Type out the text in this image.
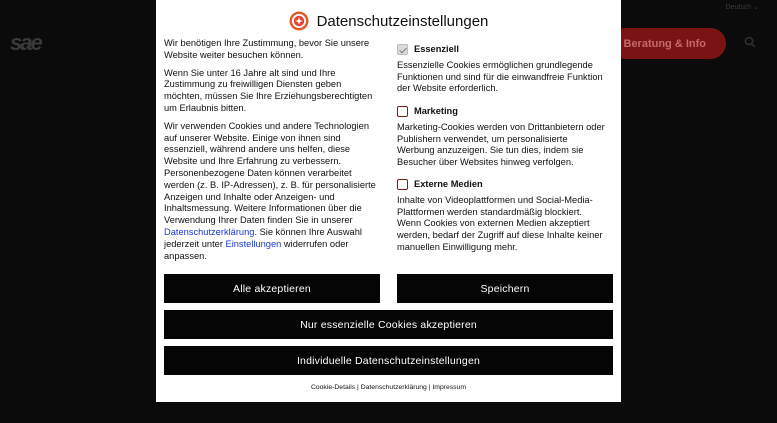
sae
Deutsch ⌄
Beratung & Info
Datenschutzeinstellungen

Wir benötigen Ihre Zustimmung, bevor Sie unsere Website weiter besuchen können.

Wenn Sie unter 16 Jahre alt sind und Ihre Zustimmung zu freiwilligen Diensten geben möchten, müssen Sie Ihre Erziehungsberechtigten um Erlaubnis bitten.

Wir verwenden Cookies und andere Technologien auf unserer Website. Einige von ihnen sind essenziell, während andere uns helfen, diese Website und Ihre Erfahrung zu verbessern. Personenbezogene Daten können verarbeitet werden (z. B. IP-Adressen), z. B. für personalisierte Anzeigen und Inhalte oder Anzeigen- und Inhaltsmessung. Weitere Informationen über die Verwendung Ihrer Daten finden Sie in unserer Datenschutzerklärung. Sie können Ihre Auswahl jederzeit unter Einstellungen widerrufen oder anpassen.

Essenziell
Essenzielle Cookies ermöglichen grundlegende Funktionen und sind für die einwandfreie Funktion der Website erforderlich.
Marketing
Marketing-Cookies werden von Drittanbietern oder Publishern verwendet, um personalisierte Werbung anzuzeigen. Sie tun dies, indem sie Besucher über Websites hinweg verfolgen.
Externe Medien
Inhalte von Videoplattformen und Social-Media-Plattformen werden standardmäßig blockiert. Wenn Cookies von externen Medien akzeptiert werden, bedarf der Zugriff auf diese Inhalte keiner manuellen Einwilligung mehr.
Alle akzeptieren	Speichern
Nur essenzielle Cookies akzeptieren
Individuelle Datenschutzeinstellungen
Cookie-Details | Datenschutzerklärung | Impressum
